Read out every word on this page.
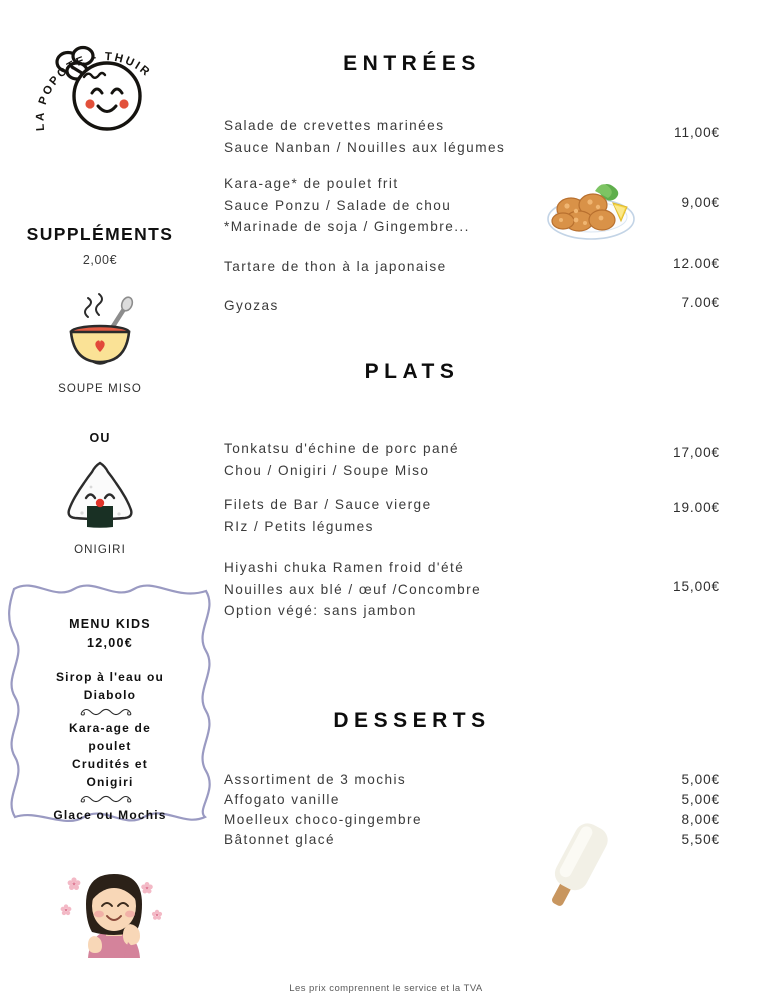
LA POPOTE - THUIR
SUPPLÉMENTS
2,00€
SOUPE MISO
OU
ONIGIRI
MENU KIDS
12,00€
Sirop à l'eau ou
Diabolo
Kara-age de
poulet
Crudités et
Onigiri
Glace ou Mochis
ENTRÉES
Salade de crevettes marinées
Sauce Nanban / Nouilles aux légumes
11,00€
Kara-age* de poulet frit
Sauce Ponzu / Salade de chou
*Marinade de soja / Gingembre...
9,00€
Tartare de thon à la japonaise	12.00€
Gyozas	7.00€
PLATS
Tonkatsu d'échine de porc pané
Chou / Onigiri / Soupe Miso
17,00€
Filets de Bar / Sauce vierge
RIz / Petits légumes
19.00€
Hiyashi chuka Ramen froid d'été
Nouilles aux blé / œuf /Concombre
Option végé: sans jambon
15,00€
DESSERTS
Assortiment de 3 mochis	5,00€
Affogato vanille	5,00€
Moelleux choco-gingembre	8,00€
Bâtonnet glacé	5,50€
Les prix comprennent le service et la TVA
